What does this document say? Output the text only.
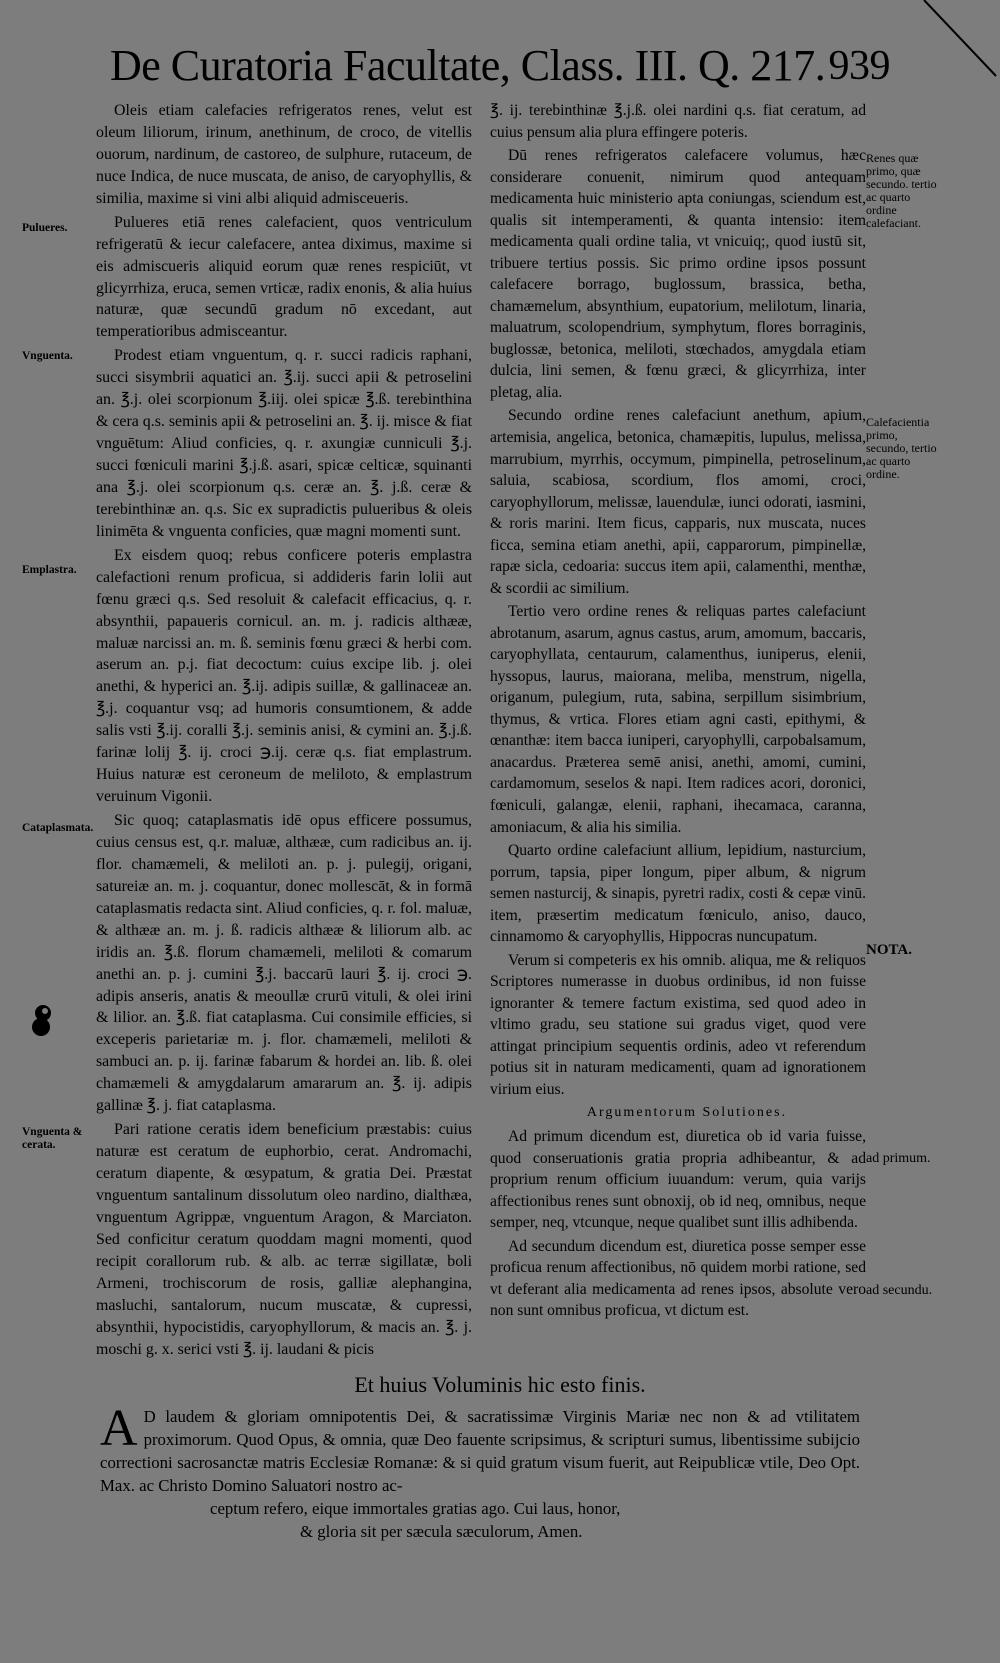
De Curatoria Facultate, Class. III. Q. 217. 939
Pulueres.
Vnguenta.
Emplastra.
Cataplasmata.
Vnguenta & cerata.
Renes quæ primo, quæ secundo. tertio ac quarto ordine calefaciant.
Calefacientia primo, secundo, tertio ac quarto ordine.
NOTA.
ad primum.
ad secundu.

Oleis etiam calefacies refrigeratos renes, velut est oleum liliorum, irinum, anethinum, de croco, de vitellis ouorum, nardinum, de castoreo, de sulphure, rutaceum, de nuce Indica, de nuce muscata, de aniso, de caryophyllis, & similia, maxime si vini albi aliquid admisceueris.

Pulueres etiā renes calefacient, quos ventriculum refrigeratū & iecur calefacere, antea diximus, maxime si eis admiscueris aliquid eorum quæ renes respiciūt, vt glicyrrhiza, eruca, semen vrticæ, radix enonis, & alia huius naturæ, quæ secundū gradum nō excedant, aut temperatioribus admisceantur.

Prodest etiam vnguentum, q. r. succi radicis raphani, succi sisymbrii aquatici an. ℥.ij. succi apii & petroselini an. ℥.j. olei scorpionum ℥.iij. olei spicæ ℥.ß. terebinthina & cera q.s. seminis apii & petroselini an. ℥. ij. misce & fiat vnguētum: Aliud conficies, q. r. axungiæ cunniculi ℥.j. succi fœniculi marini ℥.j.ß. asari, spicæ celticæ, squinanti ana ℥.j. olei scorpionum q.s. ceræ an. ℥. j.ß. ceræ & terebinthinæ an. q.s. Sic ex supradictis pulueribus & oleis linimēta & vnguenta conficies, quæ magni momenti sunt.

Ex eisdem quoq; rebus conficere poteris emplastra calefactioni renum proficua, si addideris farin lolii aut fœnu græci q.s. Sed resoluit & calefacit efficacius, q. r. absynthii, papaueris cornicul. an. m. j. radicis althææ, maluæ narcissi an. m. ß. seminis fœnu græci & herbi com. aserum an. p.j. fiat decoctum: cuius excipe lib. j. olei anethi, & hyperici an. ℥.ij. adipis suillæ, & gallinaceæ an. ℥.j. coquantur vsq; ad humoris consumtionem, & adde salis vsti ℥.ij. coralli ℥.j. seminis anisi, & cymini an. ℥.j.ß. farinæ lolij ℥. ij. croci ℈.ij. ceræ q.s. fiat emplastrum. Huius naturæ est ceroneum de meliloto, & emplastrum veruinum Vigonii.

Sic quoq; cataplasmatis idē opus efficere possumus, cuius census est, q.r. maluæ, althææ, cum radicibus an. ij. flor. chamæmeli, & meliloti an. p. j. pulegij, origani, satureiæ an. m. j. coquantur, donec mollescāt, & in formā cataplasmatis redacta sint. Aliud conficies, q. r. fol. maluæ, & althææ an. m. j. ß. radicis althææ & liliorum alb. ac iridis an. ℥.ß. florum chamæmeli, meliloti & comarum anethi an. p. j. cumini ℥.j. baccarū lauri ℥. ij. croci ℈. adipis anseris, anatis & meoullæ crurū vituli, & olei irini & lilior. an. ℥.ß. fiat cataplasma. Cui consimile efficies, si exceperis parietariæ m. j. flor. chamæmeli, meliloti & sambuci an. p. ij. farinæ fabarum & hordei an. lib. ß. olei chamæmeli & amygdalarum amararum an. ℥. ij. adipis gallinæ ℥. j. fiat cataplasma.

Pari ratione ceratis idem beneficium præstabis: cuius naturæ est ceratum de euphorbio, cerat. Andromachi, ceratum diapente, & œsypatum, & gratia Dei. Præstat vnguentum santalinum dissolutum oleo nardino, dialthæa, vnguentum Agrippæ, vnguentum Aragon, & Marciaton. Sed conficitur ceratum quoddam magni momenti, quod recipit corallorum rub. & alb. ac terræ sigillatæ, boli Armeni, trochiscorum de rosis, galliæ alephangina, masluchi, santalorum, nucum muscatæ, & cupressi, absynthii, hypocistidis, caryophyllorum, & macis an. ℥. j. moschi g. x. serici vsti ℥. ij. laudani & picis

℥. ij. terebinthinæ ℥.j.ß. olei nardini q.s. fiat ceratum, ad cuius pensum alia plura effingere poteris.

Dū renes refrigeratos calefacere volumus, hæc considerare conuenit, nimirum quod antequam medicamenta huic ministerio apta coniungas, sciendum est, qualis sit intemperamenti, & quanta intensio: item medicamenta quali ordine talia, vt vnicuiq;, quod iustū sit, tribuere tertius possis. Sic primo ordine ipsos possunt calefacere borrago, buglossum, brassica, betha, chamæmelum, absynthium, eupatorium, melilotum, linaria, maluatrum, scolopendrium, symphytum, flores borraginis, buglossæ, betonica, meliloti, stœchados, amygdala etiam dulcia, lini semen, & fœnu græci, & glicyrrhiza, inter pletag, alia.

Secundo ordine renes calefaciunt anethum, apium, artemisia, angelica, betonica, chamæpitis, lupulus, melissa, marrubium, myrrhis, occymum, pimpinella, petroselinum, saluia, scabiosa, scordium, flos amomi, croci, caryophyllorum, melissæ, lauendulæ, iunci odorati, iasmini, & roris marini. Item ficus, capparis, nux muscata, nuces ficca, semina etiam anethi, apii, capparorum, pimpinellæ, rapæ sicla, cedoaria: succus item apii, calamenthi, menthæ, & scordii ac similium.

Tertio vero ordine renes & reliquas partes calefaciunt abrotanum, asarum, agnus castus, arum, amomum, baccaris, caryophyllata, centaurum, calamenthus, iuniperus, elenii, hyssopus, laurus, maiorana, meliba, menstrum, nigella, origanum, pulegium, ruta, sabina, serpillum sisimbrium, thymus, & vrtica. Flores etiam agni casti, epithymi, & œnanthæ: item bacca iuniperi, caryophylli, carpobalsamum, anacardus. Præterea semē anisi, anethi, amomi, cumini, cardamomum, seselos & napi. Item radices acori, doronici, fœniculi, galangæ, elenii, raphani, ihecamaca, caranna, amoniacum, & alia his similia.

Quarto ordine calefaciunt allium, lepidium, nasturcium, porrum, tapsia, piper longum, piper album, & nigrum semen nasturcij, & sinapis, pyretri radix, costi & cepæ vinū. item, præsertim medicatum fœniculo, aniso, dauco, cinnamomo & caryophyllis, Hippocras nuncupatum.

Verum si competeris ex his omnib. aliqua, me & reliquos Scriptores numerasse in duobus ordinibus, id non fuisse ignoranter & temere factum existima, sed quod adeo in vltimo gradu, seu statione sui gradus viget, quod vere attingat principium sequentis ordinis, adeo vt referendum potius sit in naturam medicamenti, quam ad ignorationem virium eius.

Argumentorum Solutiones.

Ad primum dicendum est, diuretica ob id varia fuisse, quod conseruationis gratia propria adhibeantur, & ad proprium renum officium iuuandum: verum, quia varijs affectionibus renes sunt obnoxij, ob id neq, omnibus, neque semper, neq, vtcunque, neque qualibet sunt illis adhibenda.

Ad secundum dicendum est, diuretica posse semper esse proficua renum affectionibus, nō quidem morbi ratione, sed vt deferant alia medicamenta ad renes ipsos, absolute vero non sunt omnibus proficua, vt dictum est.

Et huius Voluminis hic esto finis.
A D laudem & gloriam omnipotentis Dei, & sacratissimæ Virginis Mariæ nec non & ad vtilitatem proximorum. Quod Opus, & omnia, quæ Deo fauente scripsimus, & scripturi sumus, libentissime subijcio correctioni sacrosanctæ matris Ecclesiæ Romanæ: & si quid gratum visum fuerit, aut Reipublicæ vtile, Deo Opt. Max. ac Christo Domino Saluatori nostro ac-

ceptum refero, eique immortales gratias ago. Cui laus, honor,

& gloria sit per sæcula sæculorum, Amen.
